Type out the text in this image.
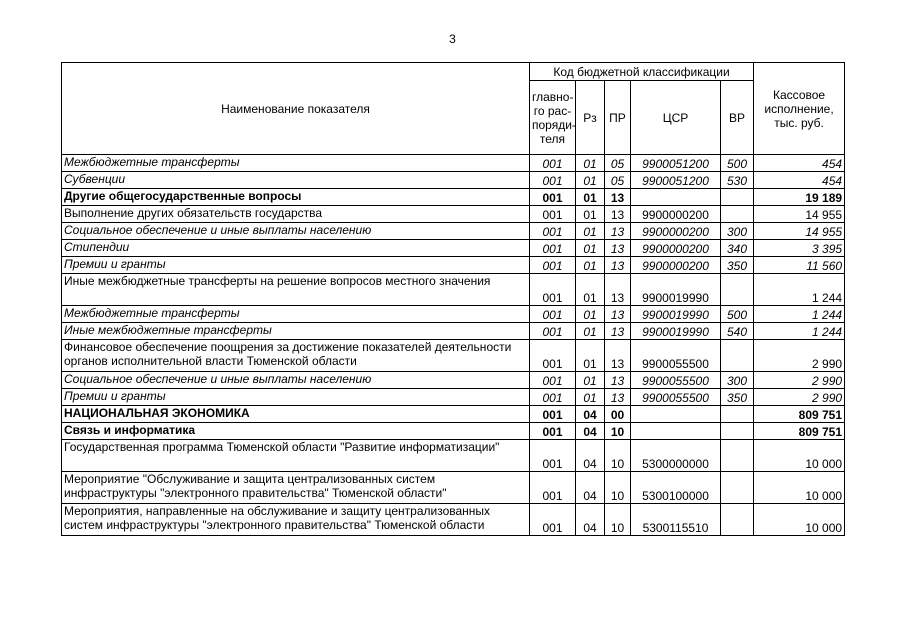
3
Наименование показателя	Код бюджетной классификации					Кассовое исполнение, тыс. руб.
	главно-го рас-поряди-теля	Рз	ПР	ЦСР	ВР	
Межбюджетные трансферты	001	01	05	9900051200	500	454
Субвенции	001	01	05	9900051200	530	454
Другие общегосударственные вопросы	001	01	13			19 189
Выполнение других обязательств государства	001	01	13	9900000200		14 955
Социальное обеспечение и иные выплаты населению	001	01	13	9900000200	300	14 955
Стипендии	001	01	13	9900000200	340	3 395
Премии и гранты	001	01	13	9900000200	350	11 560
Иные межбюджетные трансферты на решение вопросов местного значения	001	01	13	9900019990		1 244
Межбюджетные трансферты	001	01	13	9900019990	500	1 244
Иные межбюджетные трансферты	001	01	13	9900019990	540	1 244
Финансовое обеспечение поощрения за достижение показателей деятельности органов исполнительной власти Тюменской области	001	01	13	9900055500		2 990
Социальное обеспечение и иные выплаты населению	001	01	13	9900055500	300	2 990
Премии и гранты	001	01	13	9900055500	350	2 990
НАЦИОНАЛЬНАЯ ЭКОНОМИКА	001	04	00			809 751
Связь и информатика	001	04	10			809 751
Государственная программа Тюменской области "Развитие информатизации"	001	04	10	5300000000		10 000
Мероприятие "Обслуживание и защита централизованных систем инфраструктуры "электронного правительства" Тюменской области"	001	04	10	5300100000		10 000
Мероприятия, направленные на обслуживание и защиту централизованных систем инфраструктуры "электронного правительства" Тюменской области	001	04	10	5300115510		10 000
